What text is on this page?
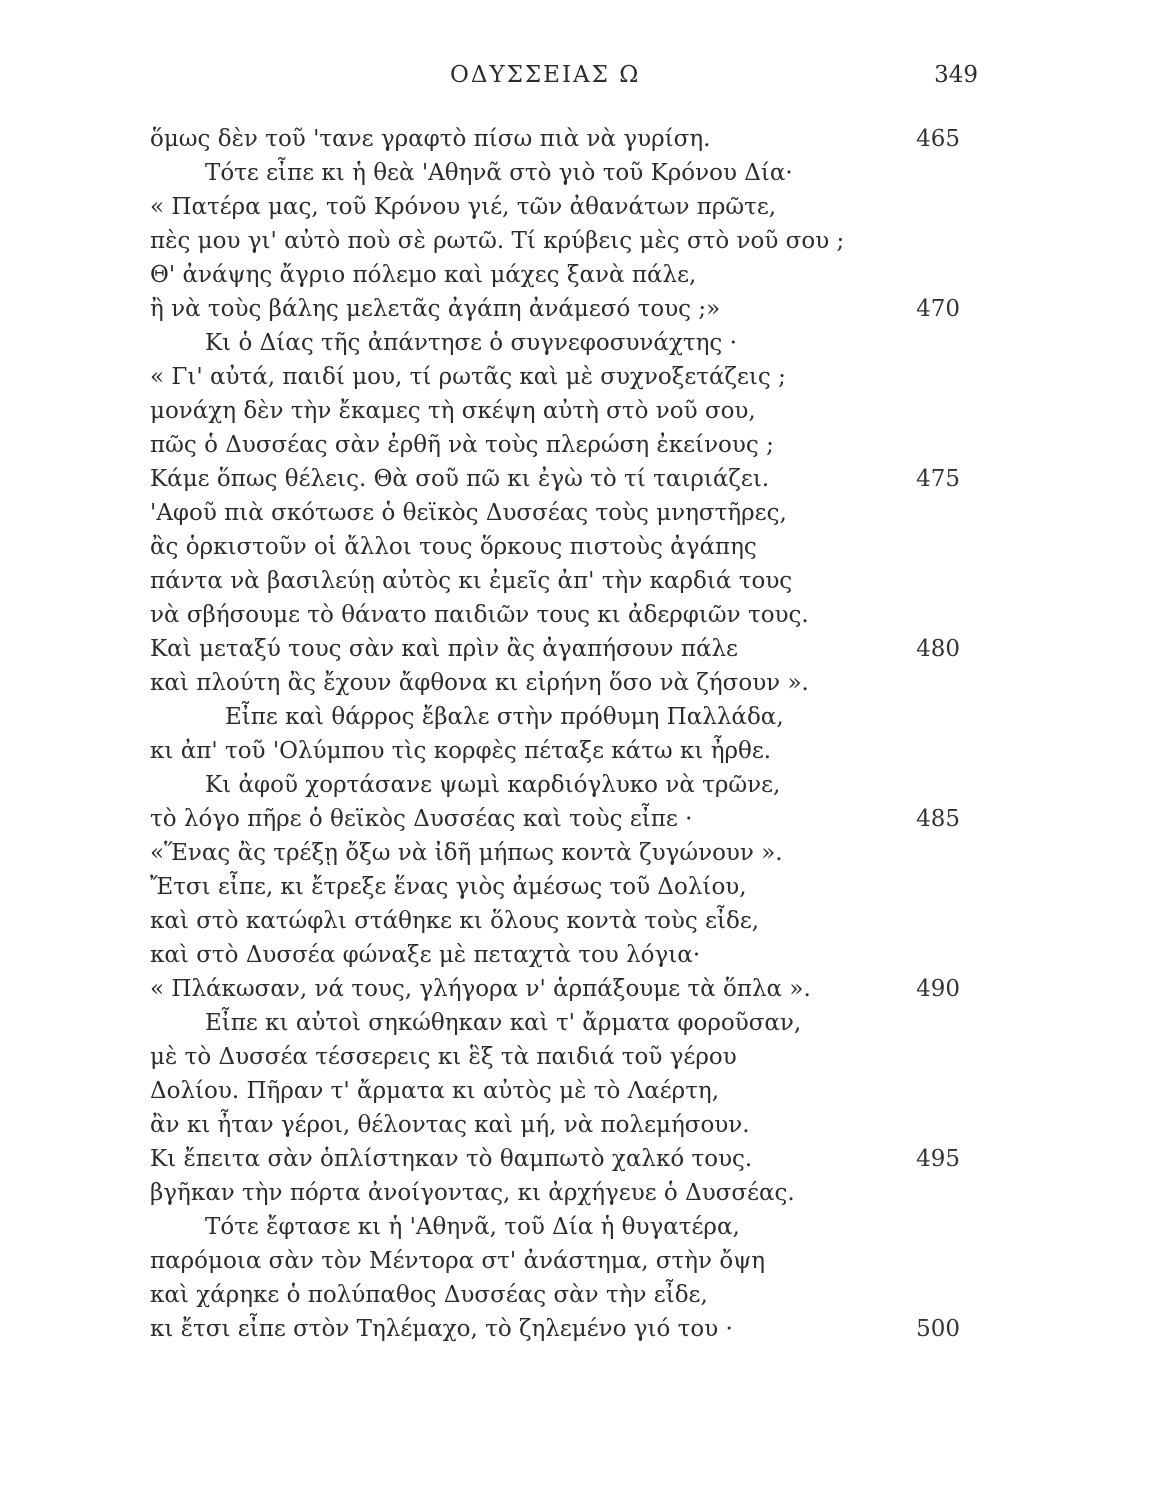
ΟΔΥΣΣΕΙΑΣ Ω	349
ὅμως δὲν τοῦ 'τανε γραφτὸ πίσω πιὰ νὰ γυρίση.	465
Τότε εἶπε κι ἡ θεὰ 'Αθηνᾶ στὸ γιὸ τοῦ Κρόνου Δία·
« Πατέρα μας, τοῦ Κρόνου γιέ, τῶν ἀθανάτων πρῶτε,
πὲς μου γι' αὐτὸ ποὺ σὲ ρωτῶ. Τί κρύβεις μὲς στὸ νοῦ σου ;
Θ' ἀνάψης ἄγριο πόλεμο καὶ μάχες ξανὰ πάλε,
ἢ νὰ τοὺς βάλης μελετᾶς ἀγάπη ἀνάμεσό τους ;»	470
Κι ὁ Δίας τῆς ἀπάντησε ὁ συγνεφοσυνάχτης ·
« Γι' αὐτά, παιδί μου, τί ρωτᾶς καὶ μὲ συχνοξετάζεις ;
μονάχη δὲν τὴν ἔκαμες τὴ σκέψη αὐτὴ στὸ νοῦ σου,
πῶς ὁ Δυσσέας σὰν ἐρθῆ νὰ τοὺς πλερώση ἐκείνους ;
Κάμε ὅπως θέλεις. Θὰ σοῦ πῶ κι ἐγὼ τὸ τί ταιριάζει.	475
'Αφοῦ πιὰ σκότωσε ὁ θεϊκὸς Δυσσέας τοὺς μνηστῆρες,
ἂς ὁρκιστοῦν οἱ ἄλλοι τους ὅρκους πιστοὺς ἀγάπης
πάντα νὰ βασιλεύῃ αὐτὸς κι ἐμεῖς ἀπ' τὴν καρδιά τους
νὰ σβήσουμε τὸ θάνατο παιδιῶν τους κι ἀδερφιῶν τους.
Καὶ μεταξύ τους σὰν καὶ πρὶν ἂς ἀγαπήσουν πάλε	480
καὶ πλούτη ἂς ἔχουν ἄφθονα κι εἰρήνη ὅσο νὰ ζήσουν ».
Εἶπε καὶ θάρρος ἔβαλε στὴν πρόθυμη Παλλάδα,
κι ἀπ' τοῦ 'Ολύμπου τὶς κορφὲς πέταξε κάτω κι ἦρθε.
Κι ἀφοῦ χορτάσανε ψωμὶ καρδιόγλυκο νὰ τρῶνε,
τὸ λόγο πῆρε ὁ θεϊκὸς Δυσσέας καὶ τοὺς εἶπε ·	485
«Ἕνας ἂς τρέξῃ ὄξω νὰ ἰδῆ μήπως κοντὰ ζυγώνουν ».
Ἔτσι εἶπε, κι ἔτρεξε ἕνας γιὸς ἀμέσως τοῦ Δολίου,
καὶ στὸ κατώφλι στάθηκε κι ὅλους κοντὰ τοὺς εἶδε,
καὶ στὸ Δυσσέα φώναξε μὲ πεταχτὰ του λόγια·
« Πλάκωσαν, νά τους, γλήγορα ν' ἁρπάξουμε τὰ ὅπλα ».	490
Εἶπε κι αὐτοὶ σηκώθηκαν καὶ τ' ἄρματα φοροῦσαν,
μὲ τὸ Δυσσέα τέσσερεις κι ἓξ τὰ παιδιά τοῦ γέρου
Δολίου. Πῆραν τ' ἄρματα κι αὐτὸς μὲ τὸ Λαέρτη,
ἂν κι ἦταν γέροι, θέλοντας καὶ μή, νὰ πολεμήσουν.
Κι ἔπειτα σὰν ὁπλίστηκαν τὸ θαμπωτὸ χαλκό τους.	495
βγῆκαν τὴν πόρτα ἀνοίγοντας, κι ἀρχήγευε ὁ Δυσσέας.
Τότε ἔφτασε κι ἡ 'Αθηνᾶ, τοῦ Δία ἡ θυγατέρα,
παρόμοια σὰν τὸν Μέντορα στ' ἀνάστημα, στὴν ὄψη
καὶ χάρηκε ὁ πολύπαθος Δυσσέας σὰν τὴν εἶδε,
κι ἔτσι εἶπε στὸν Τηλέμαχο, τὸ ζηλεμένο γιό του ·	500
